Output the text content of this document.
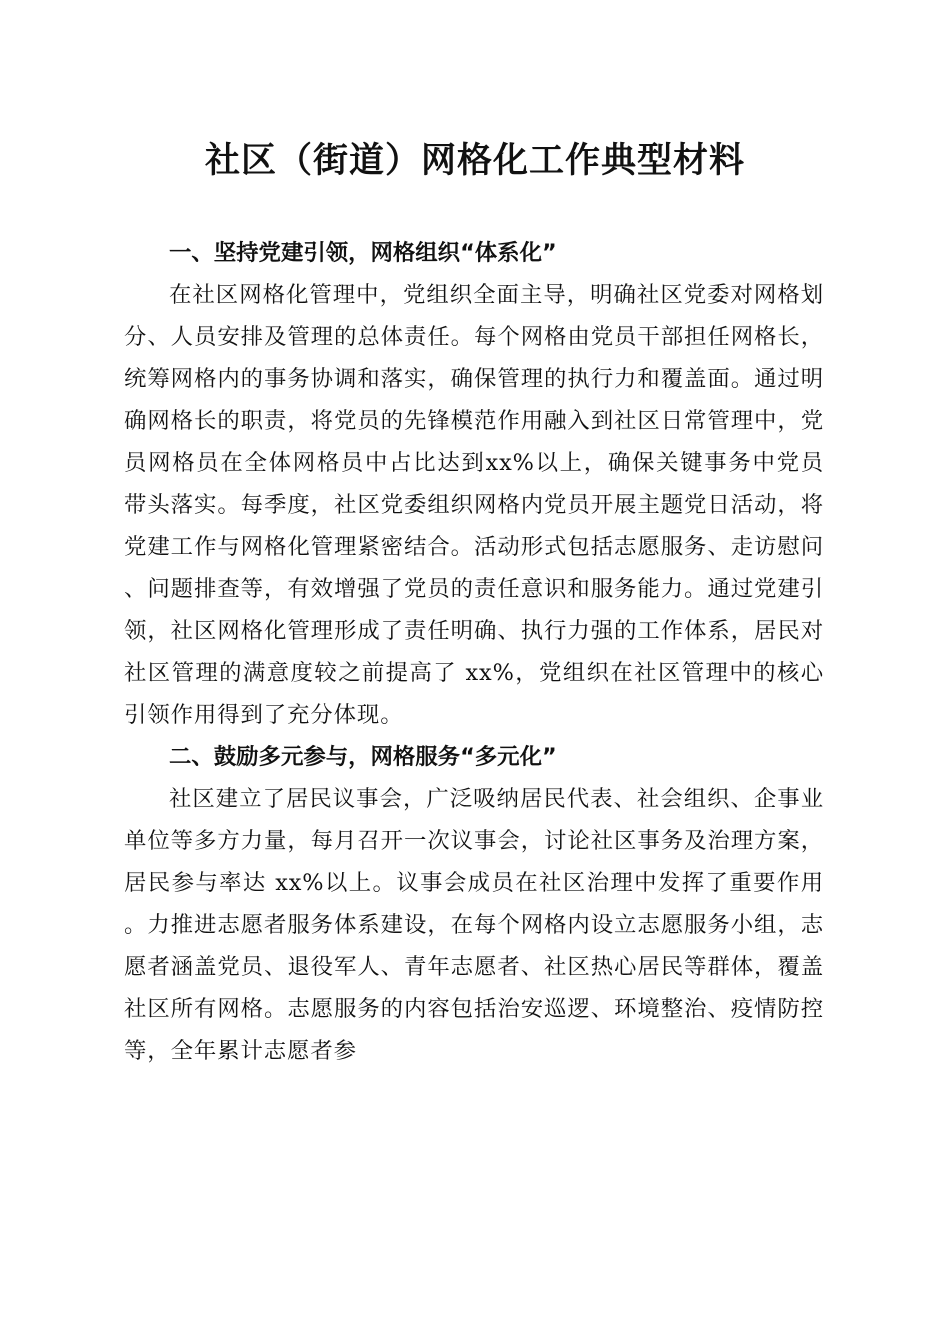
社区（街道）网格化工作典型材料
一、坚持党建引领，网格组织“体系化”

在社区网格化管理中，党组织全面主导，明确社区党委对网格划分、人员安排及管理的总体责任。每个网格由党员干部担任网格长，统筹网格内的事务协调和落实，确保管理的执行力和覆盖面。通过明确网格长的职责，将党员的先锋模范作用融入到社区日常管理中，党员网格员在全体网格员中占比达到xx%以上，确保关键事务中党员带头落实。每季度，社区党委组织网格内党员开展主题党日活动，将党建工作与网格化管理紧密结合。活动形式包括志愿服务、走访慰问、问题排查等，有效增强了党员的责任意识和服务能力。通过党建引领，社区网格化管理形成了责任明确、执行力强的工作体系，居民对社区管理的满意度较之前提高了 xx%，党组织在社区管理中的核心引领作用得到了充分体现。

二、鼓励多元参与，网格服务“多元化”

社区建立了居民议事会，广泛吸纳居民代表、社会组织、企事业单位等多方力量，每月召开一次议事会，讨论社区事务及治理方案，居民参与率达 xx%以上。议事会成员在社区治理中发挥了重要作用。力推进志愿者服务体系建设，在每个网格内设立志愿服务小组，志愿者涵盖党员、退役军人、青年志愿者、社区热心居民等群体，覆盖社区所有网格。志愿服务的内容包括治安巡逻、环境整治、疫情防控等，全年累计志愿者参
